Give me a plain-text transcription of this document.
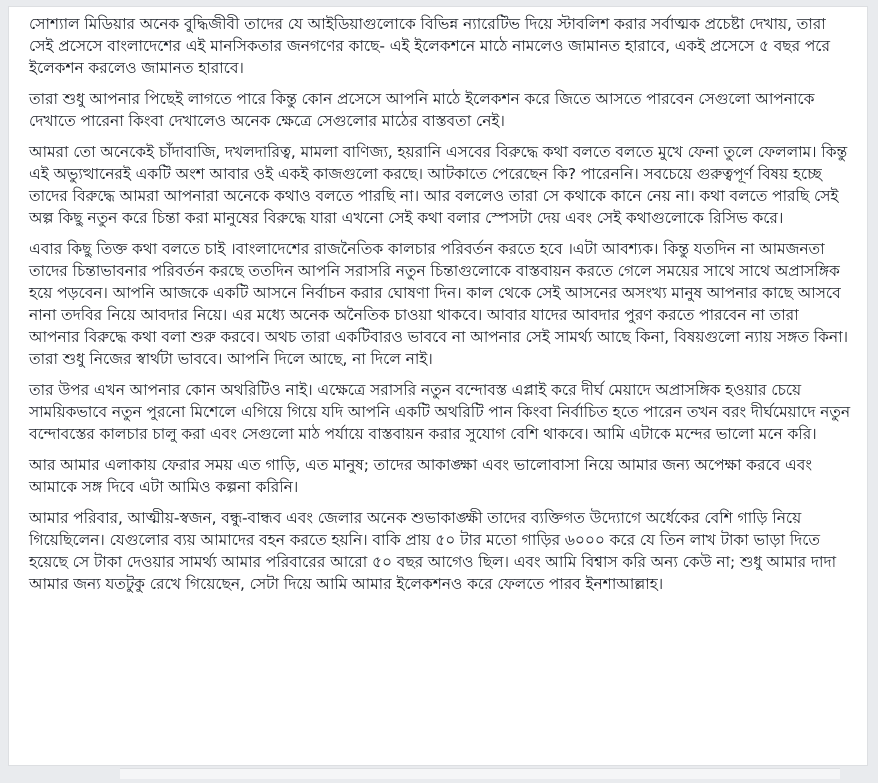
সোশ্যাল মিডিয়ার অনেক বুদ্ধিজীবী তাদের যে আইডিয়াগুলোকে বিভিন্ন ন্যারেটিভ দিয়ে স্টাবলিশ করার সর্বাত্মক প্রচেষ্টা দেখায়, তারা সেই প্রসেসে বাংলাদেশের এই মানসিকতার জনগণের কাছে- এই ইলেকশনে মাঠে নামলেও জামানত হারাবে, একই প্রসেসে ৫ বছর পরে ইলেকশন করলেও জামানত হারাবে।

তারা শুধু আপনার পিছেই লাগতে পারে কিন্তু কোন প্রসেসে আপনি মাঠে ইলেকশন করে জিতে আসতে পারবেন সেগুলো আপনাকে দেখাতে পারেনা কিংবা দেখালেও অনেক ক্ষেত্রে সেগুলোর মাঠের বাস্তবতা নেই।

আমরা তো অনেকেই চাঁদাবাজি, দখলদারিত্ব, মামলা বাণিজ্য, হয়রানি এসবের বিরুদ্ধে কথা বলতে বলতে মুখে ফেনা তুলে ফেললাম। কিন্তু এই অভ্যুত্থানেরই একটি অংশ আবার ওই একই কাজগুলো করছে। আটকাতে পেরেছেন কি? পারেননি। সবচেয়ে গুরুত্বপূর্ণ বিষয় হচ্ছে তাদের বিরুদ্ধে আমরা আপনারা অনেকে কথাও বলতে পারছি না। আর বললেও তারা সে কথাকে কানে নেয় না। কথা বলতে পারছি সেই অল্প কিছু নতুন করে চিন্তা করা মানুষের বিরুদ্ধে যারা এখনো সেই কথা বলার স্পেসটা দেয় এবং সেই কথাগুলোকে রিসিভ করে।

এবার কিছু তিক্ত কথা বলতে চাই ।বাংলাদেশের রাজনৈতিক কালচার পরিবর্তন করতে হবে ।এটা আবশ্যক। কিন্তু যতদিন না আমজনতা তাদের চিন্তাভাবনার পরিবর্তন করছে ততদিন আপনি সরাসরি নতুন চিন্তাগুলোকে বাস্তবায়ন করতে গেলে সময়ের সাথে সাথে অপ্রাসঙ্গিক হয়ে পড়বেন। আপনি আজকে একটি আসনে নির্বাচন করার ঘোষণা দিন। কাল থেকে সেই আসনের অসংখ্য মানুষ আপনার কাছে আসবে নানা তদবির নিয়ে আবদার নিয়ে। এর মধ্যে অনেক অনৈতিক চাওয়া থাকবে। আবার যাদের আবদার পুরণ করতে পারবেন না তারা আপনার বিরুদ্ধে কথা বলা শুরু করবে। অথচ তারা একটিবারও ভাববে না আপনার সেই সামর্থ্য আছে কিনা, বিষয়গুলো ন্যায় সঙ্গত কিনা। তারা শুধু নিজের স্বার্থটা ভাববে। আপনি দিলে আছে, না দিলে নাই।

তার উপর এখন আপনার কোন অথরিটিও নাই। এক্ষেত্রে সরাসরি নতুন বন্দোবস্ত এপ্লাই করে দীর্ঘ মেয়াদে অপ্রাসঙ্গিক হওয়ার চেয়ে সাময়িকভাবে নতুন পুরনো মিশেলে এগিয়ে গিয়ে যদি আপনি একটি অথরিটি পান কিংবা নির্বাচিত হতে পারেন তখন বরং দীর্ঘমেয়াদে নতুন বন্দোবস্তের কালচার চালু করা এবং সেগুলো মাঠ পর্যায়ে বাস্তবায়ন করার সুযোগ বেশি থাকবে। আমি এটাকে মন্দের ভালো মনে করি।

আর আমার এলাকায় ফেরার সময় এত গাড়ি, এত মানুষ; তাদের আকাঙ্ক্ষা এবং ভালোবাসা নিয়ে আমার জন্য অপেক্ষা করবে এবং আমাকে সঙ্গ দিবে এটা আমিও কল্পনা করিনি।

আমার পরিবার, আত্মীয়-স্বজন, বন্ধু-বান্ধব এবং জেলার অনেক শুভাকাঙ্ক্ষী তাদের ব্যক্তিগত উদ্যোগে অর্ধেকের বেশি গাড়ি নিয়ে গিয়েছিলেন। যেগুলোর ব্যয় আমাদের বহন করতে হয়নি। বাকি প্রায় ৫০ টার মতো গাড়ির ৬০০০ করে যে তিন লাখ টাকা ভাড়া দিতে হয়েছে সে টাকা দেওয়ার সামর্থ্য আমার পরিবারের আরো ৫০ বছর আগেও ছিল। এবং আমি বিশ্বাস করি অন্য কেউ না; শুধু আমার দাদা আমার জন্য যতটুকু রেখে গিয়েছেন, সেটা দিয়ে আমি আমার ইলেকশনও করে ফেলতে পারব ইনশাআল্লাহ।
